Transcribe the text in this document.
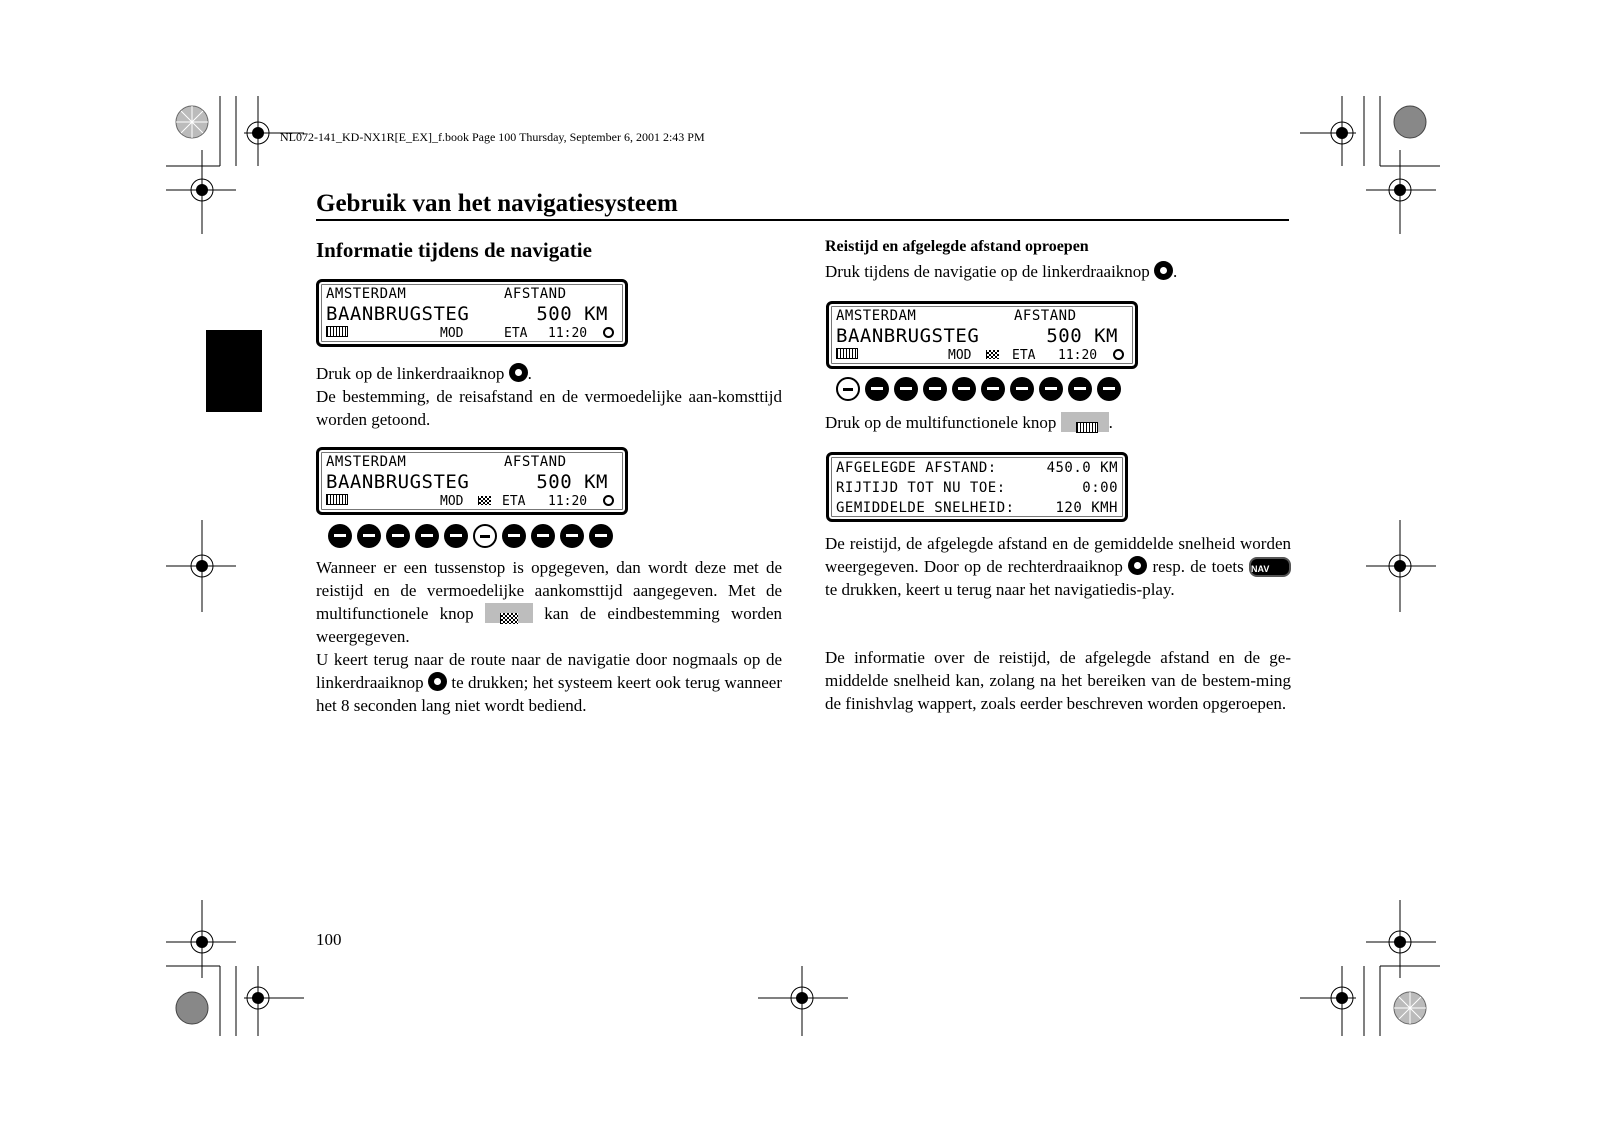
NL072-141_KD-NX1R[E_EX]_f.book Page 100 Thursday, September 6, 2001 2:43 PM
Gebruik van het navigatiesysteem
Informatie tijdens de navigatie
AMSTERDAM	AFSTAND
BAANBRUGSTEG	500 KM
MOD	ETA 11:20
Druk op de linkerdraaiknop .
De bestemming, de reisafstand en de vermoedelijke aan-komsttijd worden getoond.
AMSTERDAM	AFSTAND
BAANBRUGSTEG	500 KM
MOD	ETA 11:20
Wanneer er een tussenstop is opgegeven, dan wordt deze met de reistijd en de vermoedelijke aankomsttijd aangegeven. Met de multifunctionele knop	kan de eindbestemming worden weergegeven.
U keert terug naar de route naar de navigatie door nogmaals op de linkerdraaiknop te drukken; het systeem keert ook terug wanneer het 8 seconden lang niet wordt bediend.
Reistijd en afgelegde afstand oproepen
Druk tijdens de navigatie op de linkerdraaiknop .
AMSTERDAM	AFSTAND
BAANBRUGSTEG	500 KM
MOD	ETA 11:20
Druk op de multifunctionele knop	.
AFGELEGDE AFSTAND:	450.0 KM
RIJTIJD TOT NU TOE:	0:00
GEMIDDELDE SNELHEID:	120 KMH
De reistijd, de afgelegde afstand en de gemiddelde snelheid worden weergegeven. Door op de rechterdraaiknop resp. de toets NAV te drukken, keert u terug naar het navigatiedis-play.
De informatie over de reistijd, de afgelegde afstand en de ge-middelde snelheid kan, zolang na het bereiken van de bestem-ming de finishvlag wappert, zoals eerder beschreven worden opgeroepen.
100
